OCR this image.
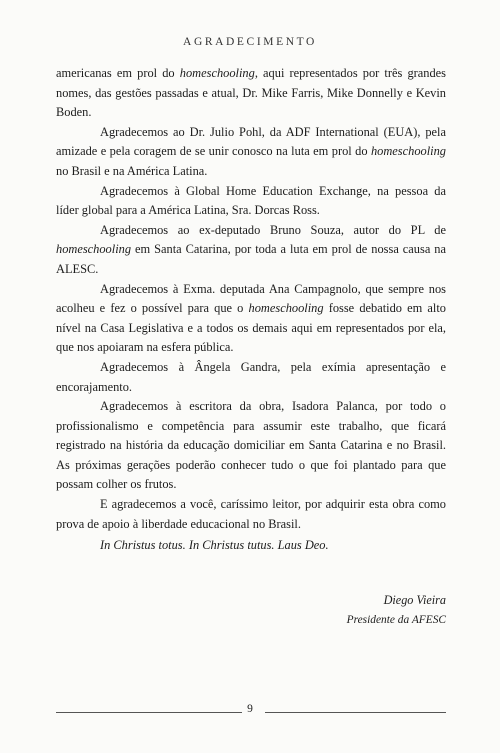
AGRADECIMENTO

americanas em prol do homeschooling, aqui representados por três grandes nomes, das gestões passadas e atual, Dr. Mike Farris, Mike Donnelly e Kevin Boden.

Agradecemos ao Dr. Julio Pohl, da ADF International (EUA), pela amizade e pela coragem de se unir conosco na luta em prol do homeschooling no Brasil e na América Latina.

Agradecemos à Global Home Education Exchange, na pessoa da líder global para a América Latina, Sra. Dorcas Ross.

Agradecemos ao ex-deputado Bruno Souza, autor do PL de homeschooling em Santa Catarina, por toda a luta em prol de nossa causa na ALESC.

Agradecemos à Exma. deputada Ana Campagnolo, que sempre nos acolheu e fez o possível para que o homeschooling fosse debatido em alto nível na Casa Legislativa e a todos os demais aqui em representados por ela, que nos apoiaram na esfera pública.

Agradecemos à Ângela Gandra, pela exímia apresentação e encorajamento.

Agradecemos à escritora da obra, Isadora Palanca, por todo o profissionalismo e competência para assumir este trabalho, que ficará registrado na história da educação domiciliar em Santa Catarina e no Brasil. As próximas gerações poderão conhecer tudo o que foi plantado para que possam colher os frutos.

E agradecemos a você, caríssimo leitor, por adquirir esta obra como prova de apoio à liberdade educacional no Brasil.

In Christus totus. In Christus tutus. Laus Deo.

Diego Vieira
Presidente da AFESC
9
